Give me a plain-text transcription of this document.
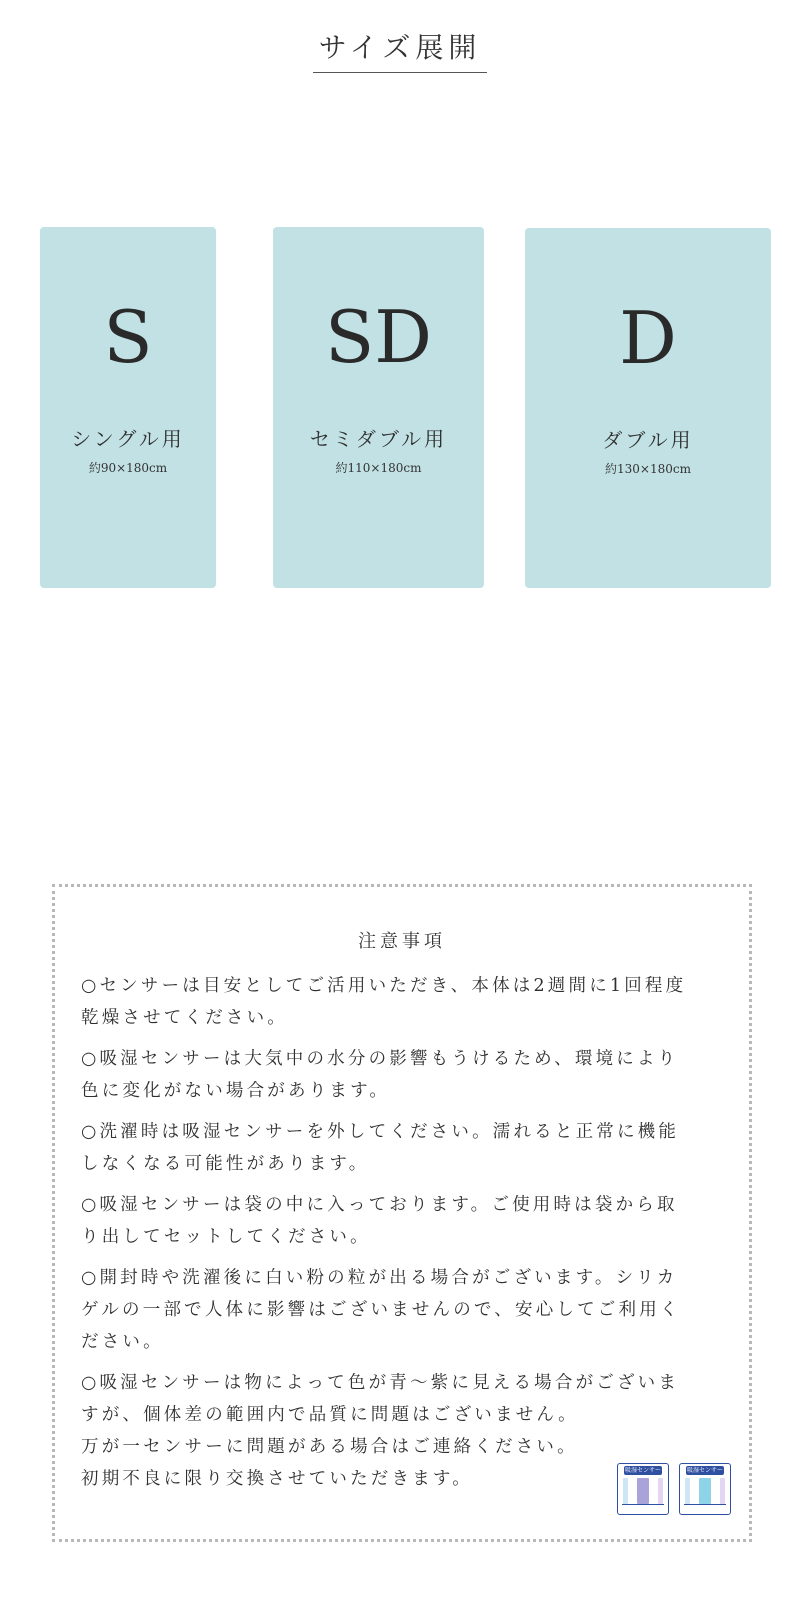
サイズ展開
S
シングル用
約90×180cm
SD
セミダブル用
約110×180cm
D
ダブル用
約130×180cm
注意事項
○センサーは目安としてご活用いただき、本体は2週間に1回程度
乾燥させてください。
○吸湿センサーは大気中の水分の影響もうけるため、環境により
色に変化がない場合があります。
○洗濯時は吸湿センサーを外してください。濡れると正常に機能
しなくなる可能性があります。
○吸湿センサーは袋の中に入っております。ご使用時は袋から取
り出してセットしてください。
○開封時や洗濯後に白い粉の粒が出る場合がございます。シリカ
ゲルの一部で人体に影響はございませんので、安心してご利用く
ださい。
○吸湿センサーは物によって色が青～紫に見える場合がございま
すが、個体差の範囲内で品質に問題はございません。
万が一センサーに問題がある場合はご連絡ください。
初期不良に限り交換させていただきます。	吸湿センサー	吸湿センサー
